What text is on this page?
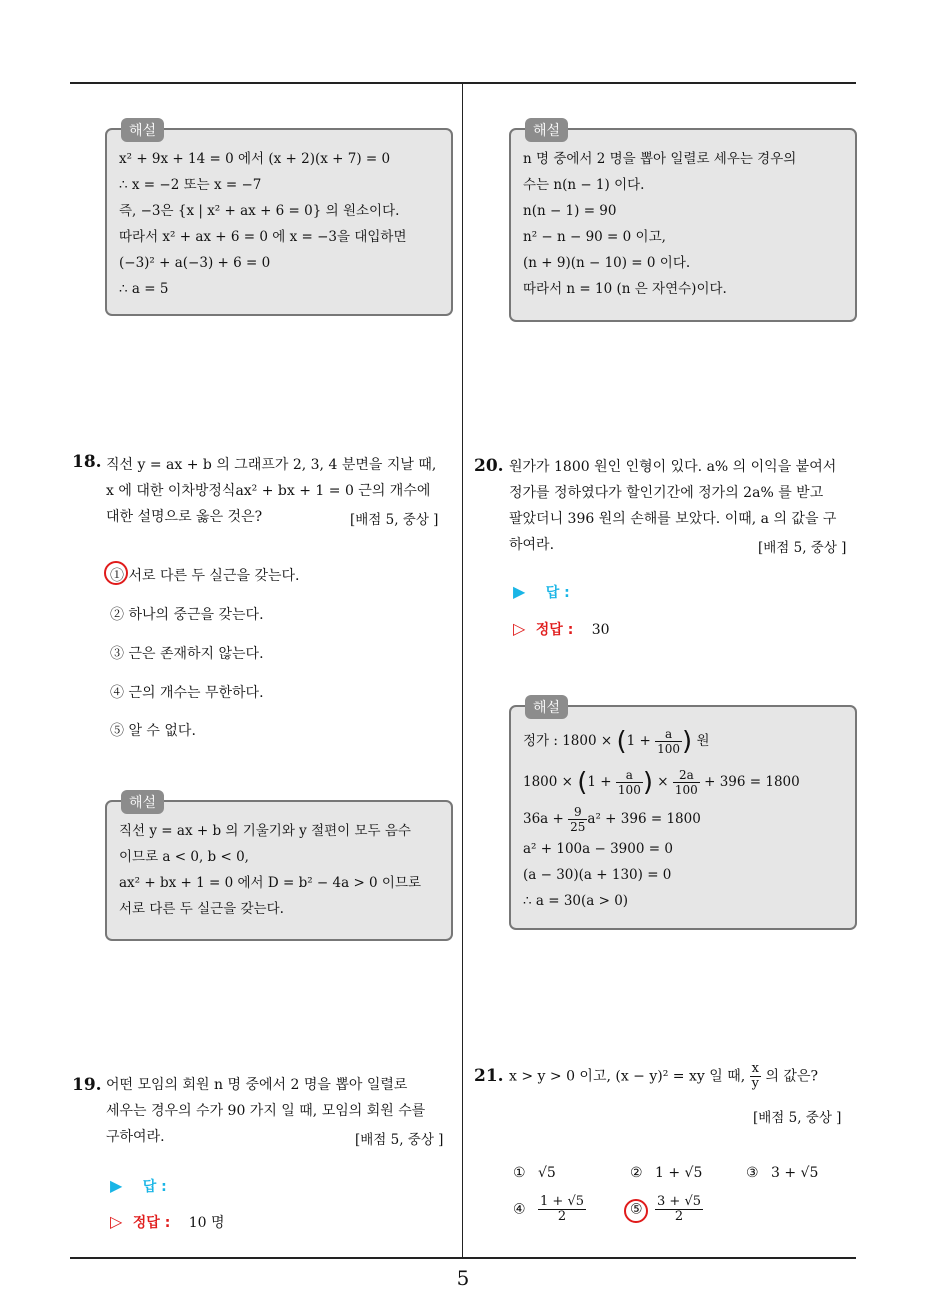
해설
x² + 9x + 14 = 0 에서 (x + 2)(x + 7) = 0
∴ x = −2 또는 x = −7
즉, −3은 {x | x² + ax + 6 = 0} 의 원소이다.
따라서 x² + ax + 6 = 0 에 x = −3을 대입하면
(−3)² + a(−3) + 6 = 0
∴ a = 5
해설
n 명 중에서 2 명을 뽑아 일렬로 세우는 경우의
수는 n(n − 1) 이다.
n(n − 1) = 90
n² − n − 90 = 0 이고,
(n + 9)(n − 10) = 0 이다.
따라서 n = 10 (n 은 자연수)이다.
18. 직선 y = ax + b 의 그래프가 2, 3, 4 분면을 지날 때,
x 에 대한 이차방정식ax² + bx + 1 = 0 근의 개수에
대한 설명으로 옳은 것은?	[배점 5, 중상 ]
① 서로 다른 두 실근을 갖는다.
② 하나의 중근을 갖는다.
③ 근은 존재하지 않는다.
④ 근의 개수는 무한하다.
⑤ 알 수 없다.
해설
직선 y = ax + b 의 기울기와 y 절편이 모두 음수
이므로 a < 0, b < 0,
ax² + bx + 1 = 0 에서 D = b² − 4a > 0 이므로
서로 다른 두 실근을 갖는다.
19. 어떤 모임의 회원 n 명 중에서 2 명을 뽑아 일렬로
세우는 경우의 수가 90 가지 일 때, 모임의 회원 수를
구하여라.	[배점 5, 중상 ]
▶ 답 :
▷ 정답 : 10 명
20. 원가가 1800 원인 인형이 있다. a% 의 이익을 붙여서
정가를 정하였다가 할인기간에 정가의 2a% 를 받고
팔았더니 396 원의 손해를 보았다. 이때, a 의 값을 구
하여라.	[배점 5, 중상 ]
▶ 답 :
▷ 정답 : 30
해설
정가 : $1800 \times (1 + \frac{a}{100}$ ) 원
$1800 \times (1 + \frac{a}{100}$ ) × $\frac{2a}{100} + 396 = 1800$
$36a + \frac{9}{25} a^2 + 396 = 1800$
a² + 100a − 3900 = 0
(a − 30)(a + 130) = 0
∴ a = 30(a > 0)
21. x > y > 0 이고, (x − y)² = xy 일 때, $\frac{x}{y}$ 의 값은?
[배점 5, 중상 ]
① √5	② 1 + √5	③ 3 + √5
④ $\frac{1 + √5}{2}$	⑤ $\frac{3 + √5}{2}$
5
